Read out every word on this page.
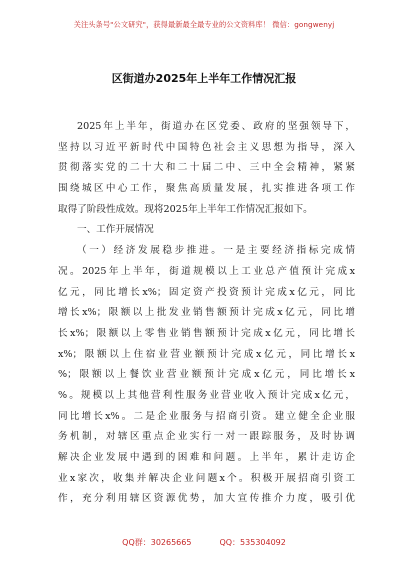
关注头条号"公文研究"，获得最新最全最专业的公文资料库！ 微信：gongwenyj
区街道办2025年上半年工作情况汇报
2025年上半年，街道办在区党委、政府的坚强领导下，
坚持以习近平新时代中国特色社会主义思想为指导，深入
贯彻落实党的二十大和二十届二中、三中全会精神，紧紧
围绕城区中心工作，聚焦高质量发展，扎实推进各项工作
取得了阶段性成效。现将2025年上半年工作情况汇报如下。
一、工作开展情况
（一）经济发展稳步推进。一是主要经济指标完成情
况。2025年上半年，街道规模以上工业总产值预计完成x
亿元，同比增长x%；固定资产投资预计完成x亿元，同比
增长x%；限额以上批发业销售额预计完成x亿元，同比增
长x%；限额以上零售业销售额预计完成x亿元，同比增长
x%；限额以上住宿业营业额预计完成x亿元，同比增长x
%；限额以上餐饮业营业额预计完成x亿元，同比增长x
%。规模以上其他营利性服务业营业收入预计完成x亿元，
同比增长x%。二是企业服务与招商引资。建立健全企业服
务机制，对辖区重点企业实行一对一跟踪服务，及时协调
解决企业发展中遇到的困难和问题。上半年，累计走访企
业x家次，收集并解决企业问题x个。积极开展招商引资工
作，充分利用辖区资源优势，加大宣传推介力度，吸引优
QQ群：30265665	QQ：535304092
